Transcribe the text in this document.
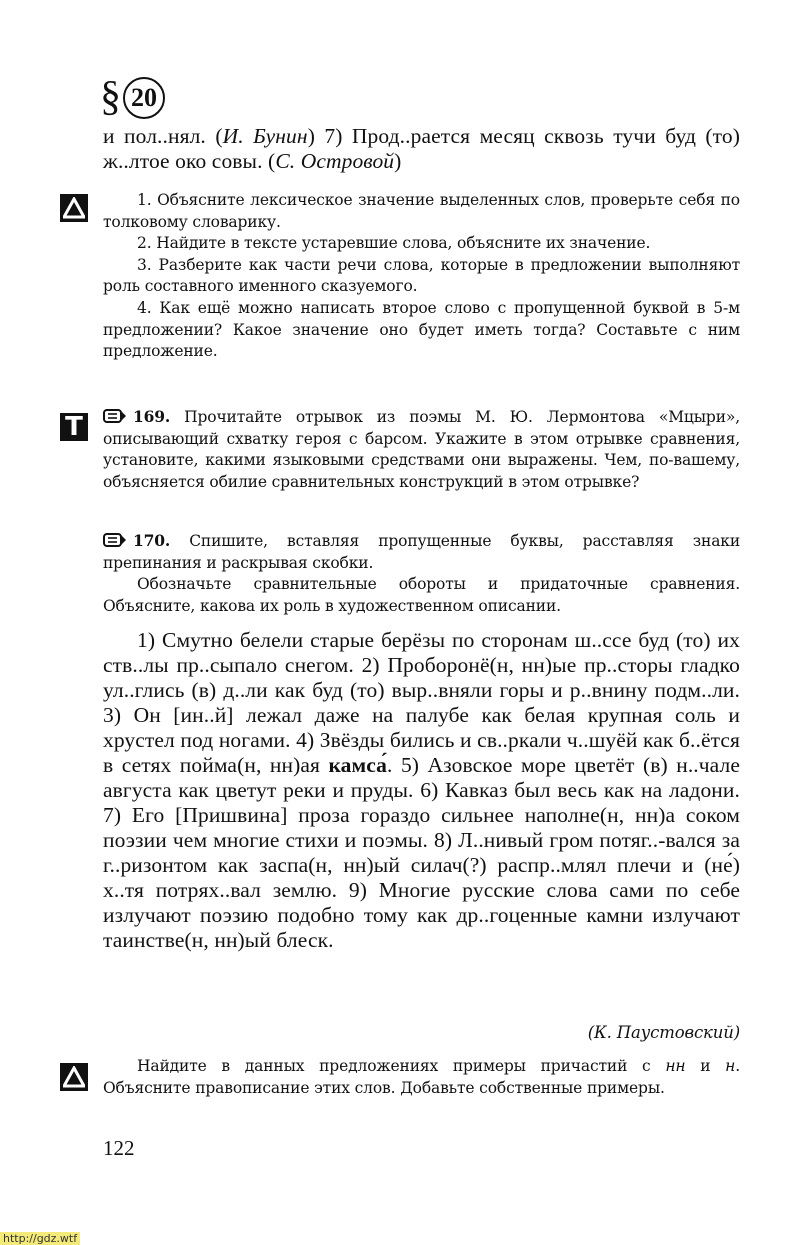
§ 20

и пол..нял. (И. Бунин) 7) Прод..рается месяц сквозь тучи буд (то) ж..лтое око совы. (С. Островой)

1. Объясните лексическое значение выделенных слов, проверьте себя по толковому словарику.

2. Найдите в тексте устаревшие слова, объясните их значение.

3. Разберите как части речи слова, которые в предложении выполняют роль составного именного сказуемого.

4. Как ещё можно написать второе слово с пропущенной буквой в 5-м предложении? Какое значение оно будет иметь тогда? Составьте с ним предложение.

T	169. Прочитайте отрывок из поэмы М. Ю. Лермонтова «Мцыри», описывающий схватку героя с барсом. Укажите в этом отрывке сравнения, установите, какими языковыми средствами они выражены. Чем, по-вашему, объясняется обилие сравнительных конструкций в этом отрывке?

170. Спишите, вставляя пропущенные буквы, расставляя знаки препинания и раскрывая скобки.

Обозначьте сравнительные обороты и придаточные сравнения. Объясните, какова их роль в художественном описании.

1) Смутно белели старые берёзы по сторонам ш..ссе буд (то) их ств..лы пр..сыпало снегом. 2) Проборонё(н, нн)ые пр..сторы гладко ул..глись (в) д..ли как буд (то) выр..вняли горы и р..внину подм..ли. 3) Он [ин..й] лежал даже на палубе как белая крупная соль и хрустел под ногами. 4) Звёзды бились и св..ркали ч..шуёй как б..ётся в сетях пойма(н, нн)ая камса́. 5) Азовское море цветёт (в) н..чале августа как цветут реки и пруды. 6) Кавказ был весь как на ладони. 7) Его [Пришвина] проза гораздо сильнее наполне(н, нн)а соком поэзии чем многие стихи и поэмы. 8) Л..нивый гром потяг..-вался за г..ризонтом как заспа(н, нн)ый силач(?) распр..млял плечи и (не́) х..тя потрях..вал землю. 9) Многие русские слова сами по себе излучают поэзию подобно тому как др..гоценные камни излучают таинстве(н, нн)ый блеск.

(К. Паустовский)

Найдите в данных предложениях примеры причастий с нн и н. Объясните правописание этих слов. Добавьте собственные примеры.

122
http://gdz.wtf
